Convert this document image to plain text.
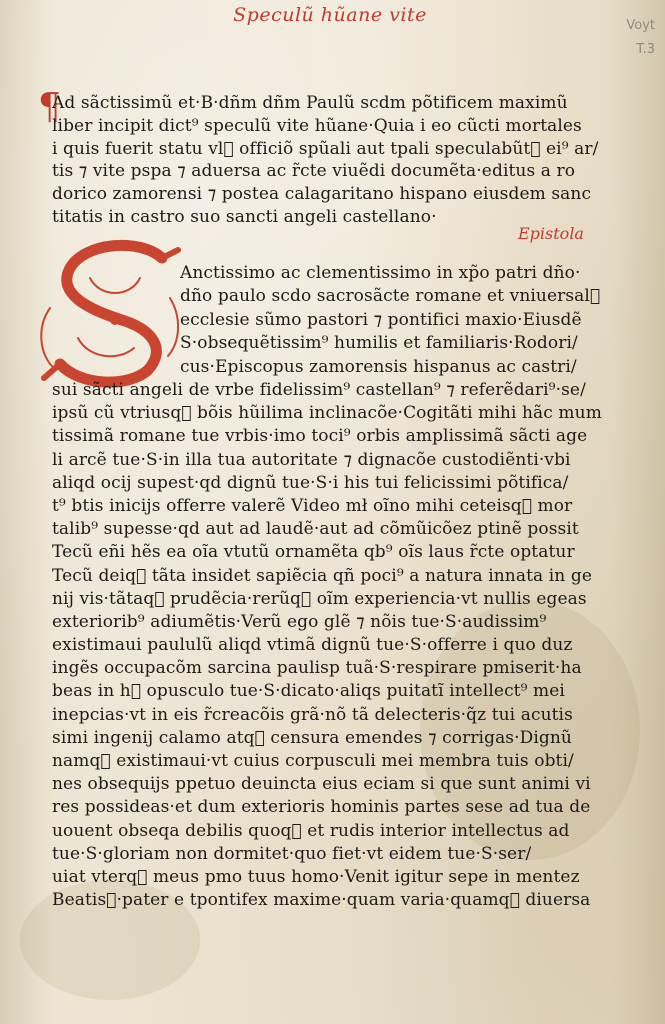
Speculũ hũane vite	Voyt
T.3
¶
Ad sãctissimũ et·B·dñm dñm Paulũ scdm põtificem maximũ
liber incipit dict⁹ speculũ vite hũane·Quia i eo cũcti mortales
i quis fuerit statu vl᷑ officiõ spũali aut tpali speculabũt᷑ ei⁹ ar/
tis ⁊ vite pspa ⁊ aduersa ac r̃cte viuẽdi documẽta·editus a ro
dorico zamorensi ⁊ postea calagaritano hispano eiusdem sanc
titatis in castro suo sancti angeli castellano·
Epistola
Anctissimo ac clementissimo in xp̃o patri dño·
dño paulo scdo sacrosãcte romane et vniuersal᷑
ecclesie sũmo pastori ⁊ pontifici maxio·Eiusdẽ
S·obsequẽtissim⁹ humilis et familiaris·Rodori/
cus·Episcopus zamorensis hispanus ac castri/
sui sãcti angeli de vrbe fidelissim⁹ castellan⁹ ⁊ referẽdari⁹·se/
ipsũ cũ vtriusq᷑ bõis hũilima inclinacõe·Cogitãti mihi hãc mum
tissimã romane tue vrbis·imo toci⁹ orbis amplissimã sãcti age
li arcẽ tue·S·in illa tua autoritate ⁊ dignacõe custodiẽnti·vbi
aliqd ocij supest·qd dignũ tue·S·i his tui felicissimi põtifica/
t⁹ btis inicijs offerre valerẽ Video mł oĩno mihi ceteisq᷑ mor
talib⁹ supesse·qd aut ad laudẽ·aut ad cõmũicõez ptinẽ possit
Tecũ eñi hẽs ea oĩa vtutũ ornamẽta qb⁹ oĩs laus r̃cte optatur
Tecũ deiq᷑ tãta insidet sapiẽcia qñ poci⁹ a natura innata in ge
nij vis·tãtaq᷑ prudẽcia·rerũq᷑ oĩm experiencia·vt nullis egeas
exteriorib⁹ adiumẽtis·Verũ ego glẽ ⁊ nõis tue·S·audissim⁹
existimaui paululũ aliqd vtimã dignũ tue·S·offerre i quo duz
ingẽs occupacõm sarcina paulisp tuã·S·respirare pmiserit·ha
beas in h᷑ opusculo tue·S·dicato·aliqs puitatĩ intellect⁹ mei
inepcias·vt in eis r̃creacõis grã·nõ tã delecteris·q̃z tui acutis
simi ingenij calamo atq᷑ censura emendes ⁊ corrigas·Dignũ
namq᷑ existimaui·vt cuius corpusculi mei membra tuis obti/
nes obsequijs ppetuo deuincta eius eciam si que sunt animi vi
res possideas·et dum exterioris hominis partes sese ad tua de
uouent obseqa debilis quoq᷑ et rudis interior intellectus ad
tue·S·gloriam non dormitet·quo fiet·vt eidem tue·S·ser/
uiat vterq᷑ meus pmo tuus homo·Venit igitur sepe in mentez
Beatis᷑·pater e tpontifex maxime·quam varia·quamq᷑ diuersa
